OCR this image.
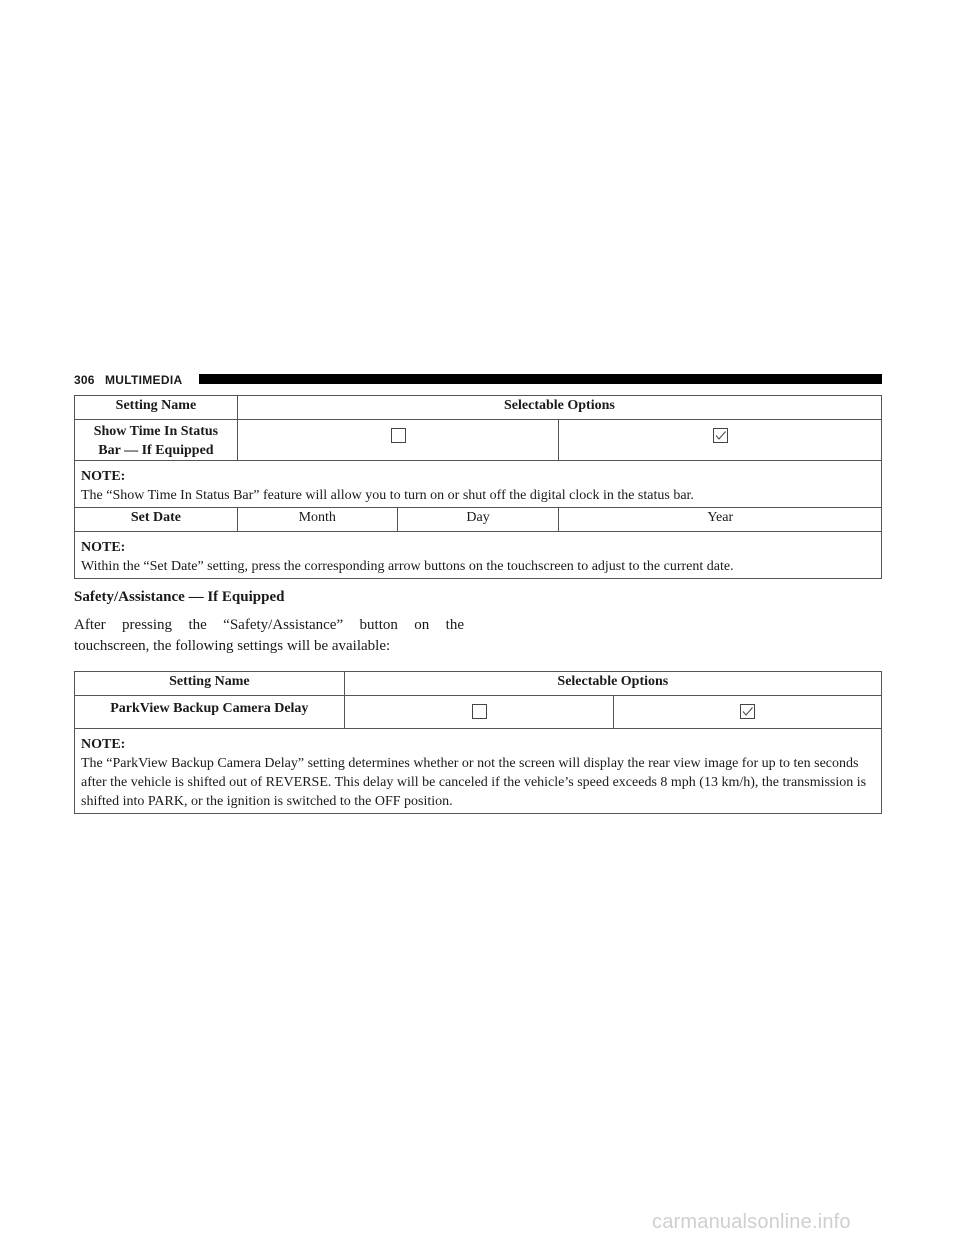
306 MULTIMEDIA
Setting Name	Selectable Options		
Show Time In Status
Bar — If Equipped		

NOTE:
The “Show Time In Status Bar” feature will allow you to turn on or shut off the digital clock in the status bar.			
Set Date	Month	Day	Year

NOTE:
Within the “Set Date” setting, press the corresponding arrow buttons on the touchscreen to adjust to the current date.			
Safety/Assistance — If Equipped
After pressing the “Safety/Assistance” button on the
touchscreen, the following settings will be available:
Setting Name	Selectable Options	
ParkView Backup Camera Delay		

NOTE:
The “ParkView Backup Camera Delay” setting determines whether or not the screen will display the rear view image for up to ten seconds after the vehicle is shifted out of REVERSE. This delay will be canceled if the vehicle’s speed exceeds 8 mph (13 km/h), the transmission is shifted into PARK, or the ignition is switched to the OFF position.		
carmanualsonline.info
